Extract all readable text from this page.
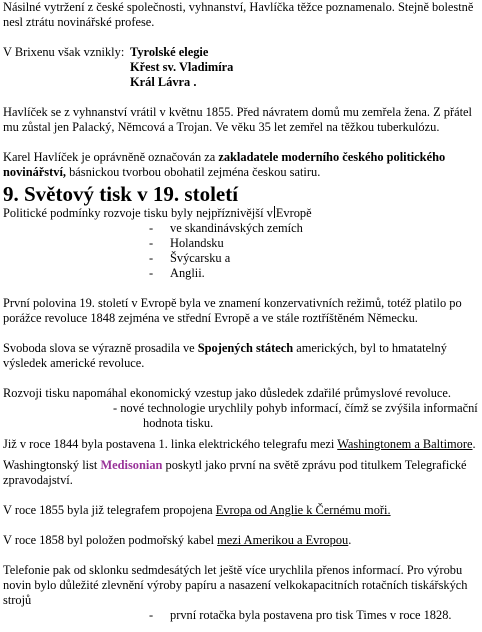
Násilné vytržení z české společnosti, vyhnanství, Havlíčka těžce poznamenalo. Stejně bolestně nesl ztrátu novinářské profese.

V Brixenu však vznikly: Tyrolské elegie
Křest sv. Vladimíra
Král Lávra .

Havlíček se z vyhnanství vrátil v květnu 1855. Před návratem domů mu zemřela žena. Z přátel mu zůstal jen Palacký, Němcová a Trojan. Ve věku 35 let zemřel na těžkou tuberkulózu.

Karel Havlíček je oprávněně označován za zakladatele moderního českého politického novinářství, básnickou tvorbou obohatil zejména českou satiru.

9. Světový tisk v 19. století

Politické podmínky rozvoje tisku byly nejpříznivější v Evropě

- ve skandinávských zemích
- Holandsku
- Švýcarsku a
- Anglii.

První polovina 19. století v Evropě byla ve znamení konzervativních režimů, totéž platilo po porážce revoluce 1848 zejména ve střední Evropě a ve stále roztříštěném Německu.

Svoboda slova se výrazně prosadila ve Spojených státech amerických, byl to hmatatelný výsledek americké revoluce.

Rozvoji tisku napomáhal ekonomický vzestup jako důsledek zdařilé průmyslové revoluce.

- nové technologie urychlily pohyb informací, čímž se zvýšila informační
hodnota tisku.

Již v roce 1844 byla postavena 1. linka elektrického telegrafu mezi Washingtonem a Baltimore.

Washingtonský list Medisonian poskytl jako první na světě zprávu pod titulkem Telegrafické zpravodajství.

V roce 1855 byla již telegrafem propojena Evropa od Anglie k Černému moři.

V roce 1858 byl položen podmořský kabel mezi Amerikou a Evropou.

Telefonie pak od sklonku sedmdesátých let ještě více urychlila přenos informací. Pro výrobu novin bylo důležité zlevnění výroby papíru a nasazení velkokapacitních rotačních tiskářských strojů

- první rotačka byla postavena pro tisk Times v roce 1828.
